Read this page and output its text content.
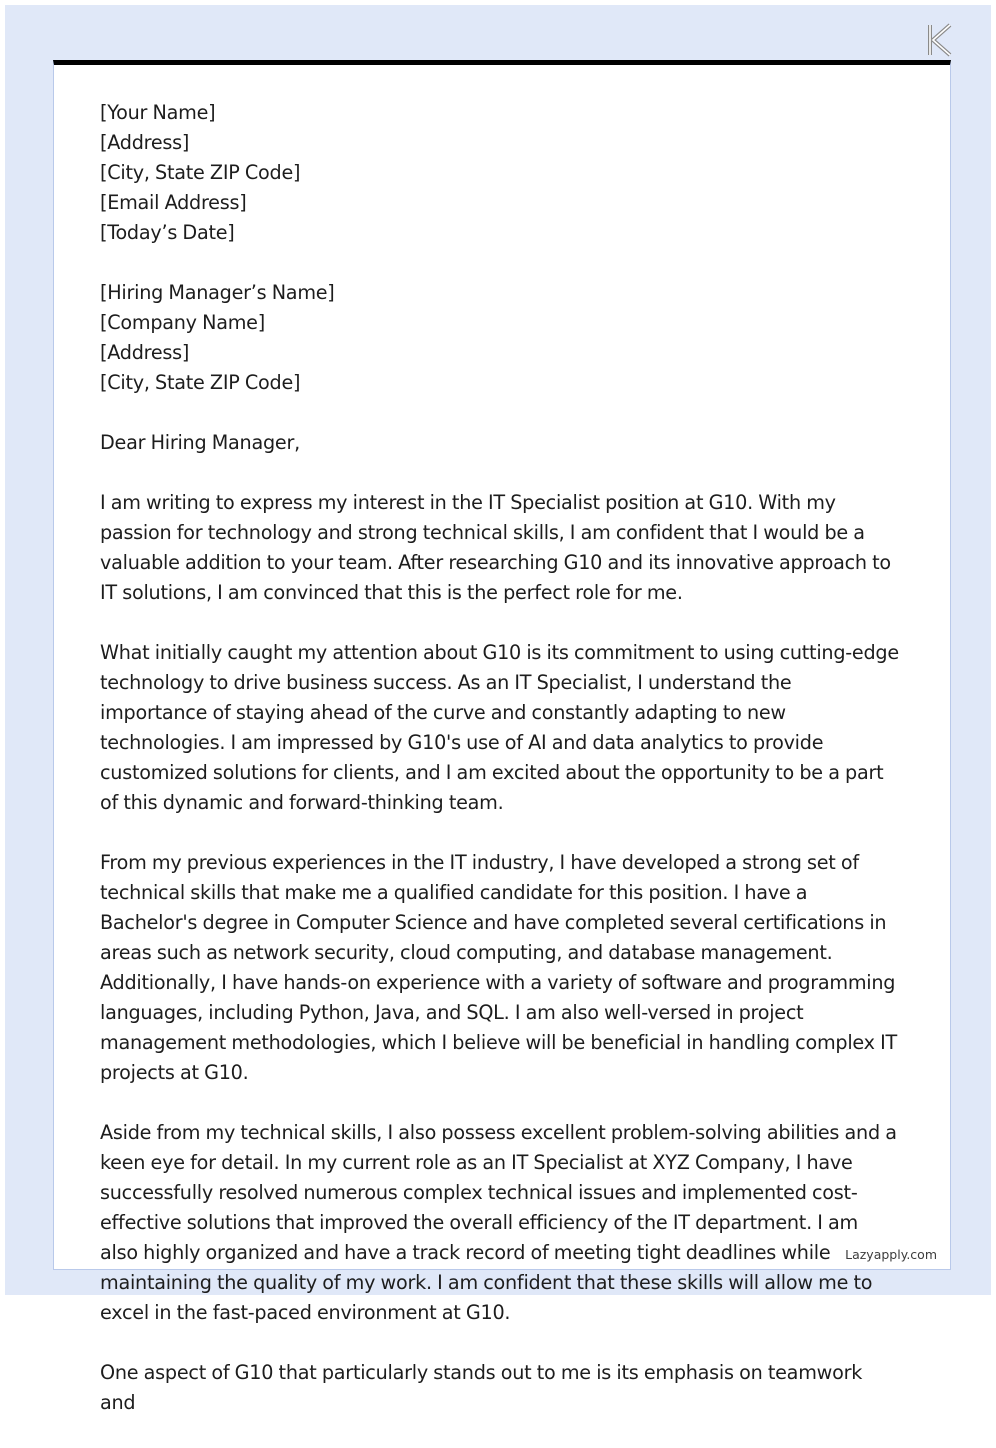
[Your Name]

[Address]

[City, State ZIP Code]

[Email Address]

[Today’s Date]

[Hiring Manager’s Name]

[Company Name]

[Address]

[City, State ZIP Code]

Dear Hiring Manager,

I am writing to express my interest in the IT Specialist position at G10. With my passion for technology and strong technical skills, I am confident that I would be a valuable addition to your team. After researching G10 and its innovative approach to IT solutions, I am convinced that this is the perfect role for me.

What initially caught my attention about G10 is its commitment to using cutting-edge technology to drive business success. As an IT Specialist, I understand the importance of staying ahead of the curve and constantly adapting to new technologies. I am impressed by G10's use of AI and data analytics to provide customized solutions for clients, and I am excited about the opportunity to be a part of this dynamic and forward-thinking team.

From my previous experiences in the IT industry, I have developed a strong set of technical skills that make me a qualified candidate for this position. I have a Bachelor's degree in Computer Science and have completed several certifications in areas such as network security, cloud computing, and database management. Additionally, I have hands-on experience with a variety of software and programming languages, including Python, Java, and SQL. I am also well-versed in project management methodologies, which I believe will be beneficial in handling complex IT projects at G10.

Aside from my technical skills, I also possess excellent problem-solving abilities and a keen eye for detail. In my current role as an IT Specialist at XYZ Company, I have successfully resolved numerous complex technical issues and implemented cost-effective solutions that improved the overall efficiency of the IT department. I am also highly organized and have a track record of meeting tight deadlines while maintaining the quality of my work. I am confident that these skills will allow me to excel in the fast-paced environment at G10.

One aspect of G10 that particularly stands out to me is its emphasis on teamwork and

Lazyapply.com
